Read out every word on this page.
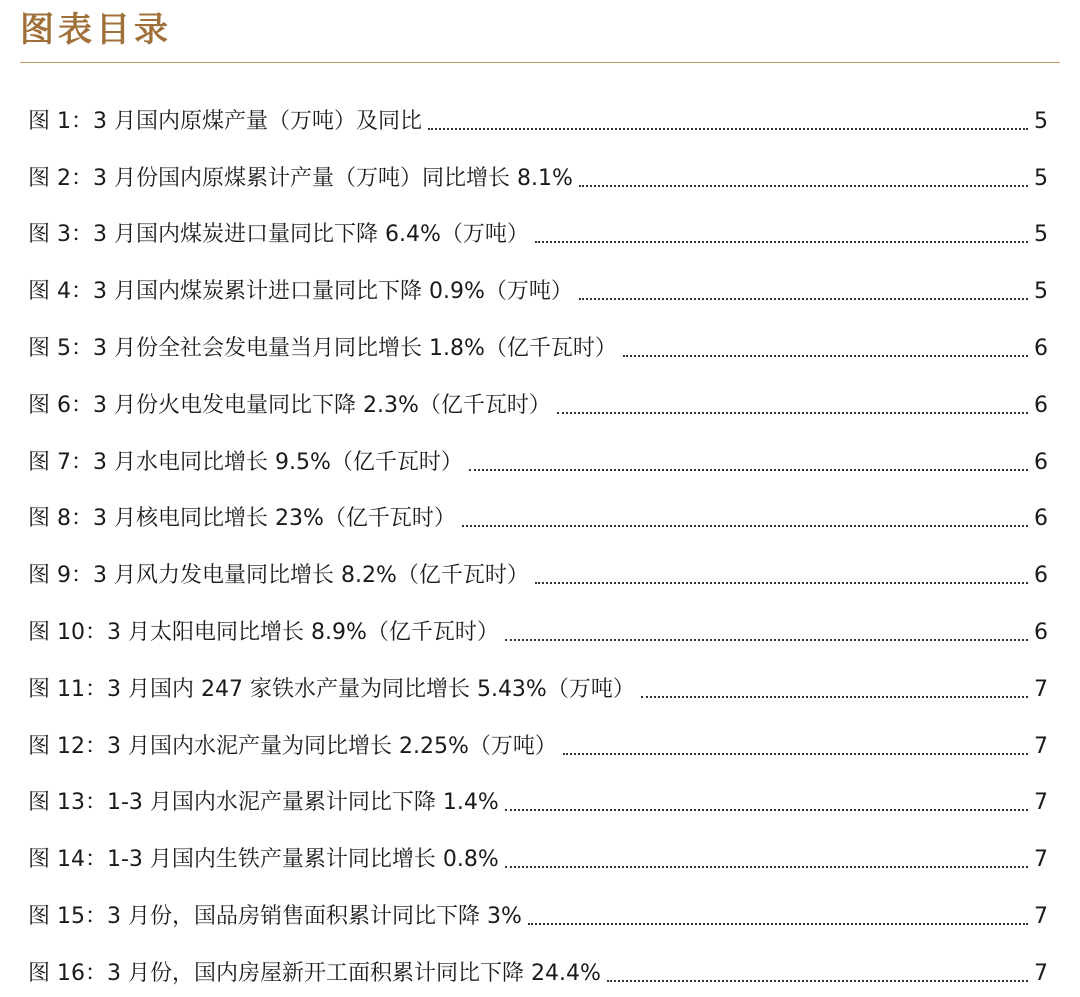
图表目录
图 1：3 月国内原煤产量（万吨）及同比	5
图 2：3 月份国内原煤累计产量（万吨）同比增长 8.1%	5
图 3：3 月国内煤炭进口量同比下降 6.4%（万吨）	5
图 4：3 月国内煤炭累计进口量同比下降 0.9%（万吨）	5
图 5：3 月份全社会发电量当月同比增长 1.8%（亿千瓦时）	6
图 6：3 月份火电发电量同比下降 2.3%（亿千瓦时）	6
图 7：3 月水电同比增长 9.5%（亿千瓦时）	6
图 8：3 月核电同比增长 23%（亿千瓦时）	6
图 9：3 月风力发电量同比增长 8.2%（亿千瓦时）	6
图 10：3 月太阳电同比增长 8.9%（亿千瓦时）	6
图 11：3 月国内 247 家铁水产量为同比增长 5.43%（万吨）	7
图 12：3 月国内水泥产量为同比增长 2.25%（万吨）	7
图 13：1-3 月国内水泥产量累计同比下降 1.4%	7
图 14：1-3 月国内生铁产量累计同比增长 0.8%	7
图 15：3 月份，国品房销售面积累计同比下降 3%	7
图 16：3 月份，国内房屋新开工面积累计同比下降 24.4%	7
